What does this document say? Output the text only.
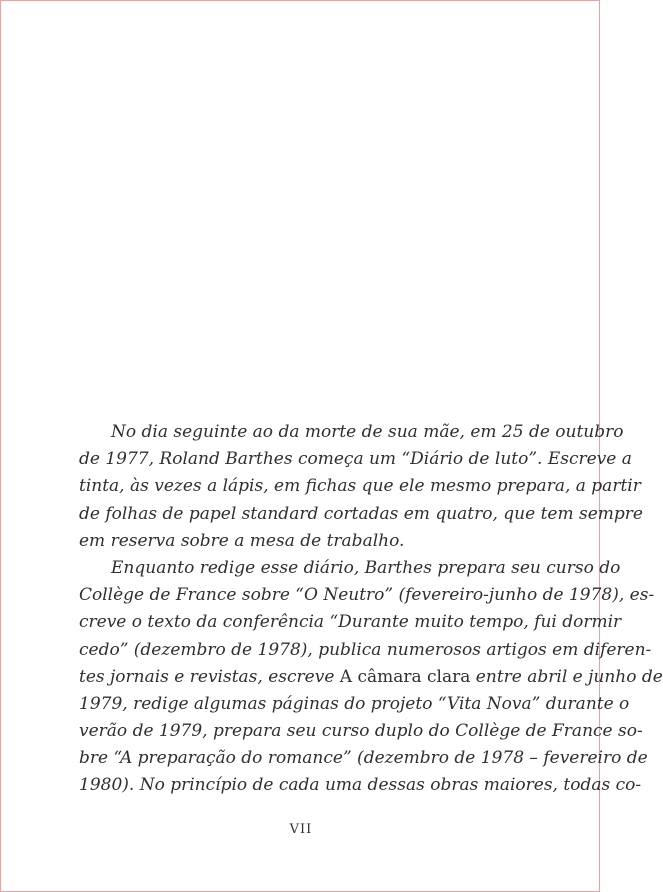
No dia seguinte ao da morte de sua mãe, em 25 de outubro
de 1977, Roland Barthes começa um “Diário de luto”. Escreve a
tinta, às vezes a lápis, em fichas que ele mesmo prepara, a partir
de folhas de papel standard cortadas em quatro, que tem sempre
em reserva sobre a mesa de trabalho.
Enquanto redige esse diário, Barthes prepara seu curso do
Collège de France sobre “O Neutro” (fevereiro-junho de 1978), es-
creve o texto da conferência “Durante muito tempo, fui dormir
cedo” (dezembro de 1978), publica numerosos artigos em diferen-
tes jornais e revistas, escreve A câmara clara entre abril e junho de
1979, redige algumas páginas do projeto “Vita Nova” durante o
verão de 1979, prepara seu curso duplo do Collège de France so-
bre “A preparação do romance” (dezembro de 1978 – fevereiro de
1980). No princípio de cada uma dessas obras maiores, todas co-
VII
